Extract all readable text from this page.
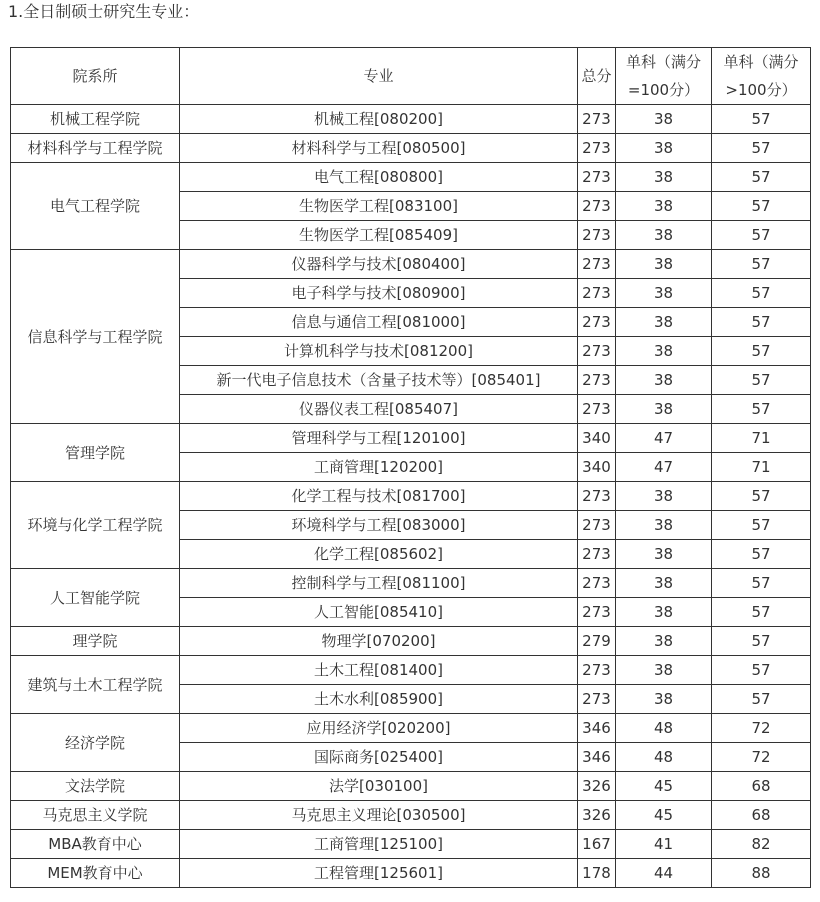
1.全日制硕士研究生专业：
院系所	专业	总分	单科（满分=100分）	单科（满分>100分）
机械工程学院	机械工程[080200]	273	38	57
材料科学与工程学院	材料科学与工程[080500]	273	38	57
电气工程学院	电气工程[080800]	273	38	57
	生物医学工程[083100]	273	38	57
	生物医学工程[085409]	273	38	57
信息科学与工程学院	仪器科学与技术[080400]	273	38	57
	电子科学与技术[080900]	273	38	57
	信息与通信工程[081000]	273	38	57
	计算机科学与技术[081200]	273	38	57
	新一代电子信息技术（含量子技术等）[085401]	273	38	57
	仪器仪表工程[085407]	273	38	57
管理学院	管理科学与工程[120100]	340	47	71
	工商管理[120200]	340	47	71
环境与化学工程学院	化学工程与技术[081700]	273	38	57
	环境科学与工程[083000]	273	38	57
	化学工程[085602]	273	38	57
人工智能学院	控制科学与工程[081100]	273	38	57
	人工智能[085410]	273	38	57
理学院	物理学[070200]	279	38	57
建筑与土木工程学院	土木工程[081400]	273	38	57
	土木水利[085900]	273	38	57
经济学院	应用经济学[020200]	346	48	72
	国际商务[025400]	346	48	72
文法学院	法学[030100]	326	45	68
马克思主义学院	马克思主义理论[030500]	326	45	68
MBA教育中心	工商管理[125100]	167	41	82
MEM教育中心	工程管理[125601]	178	44	88
